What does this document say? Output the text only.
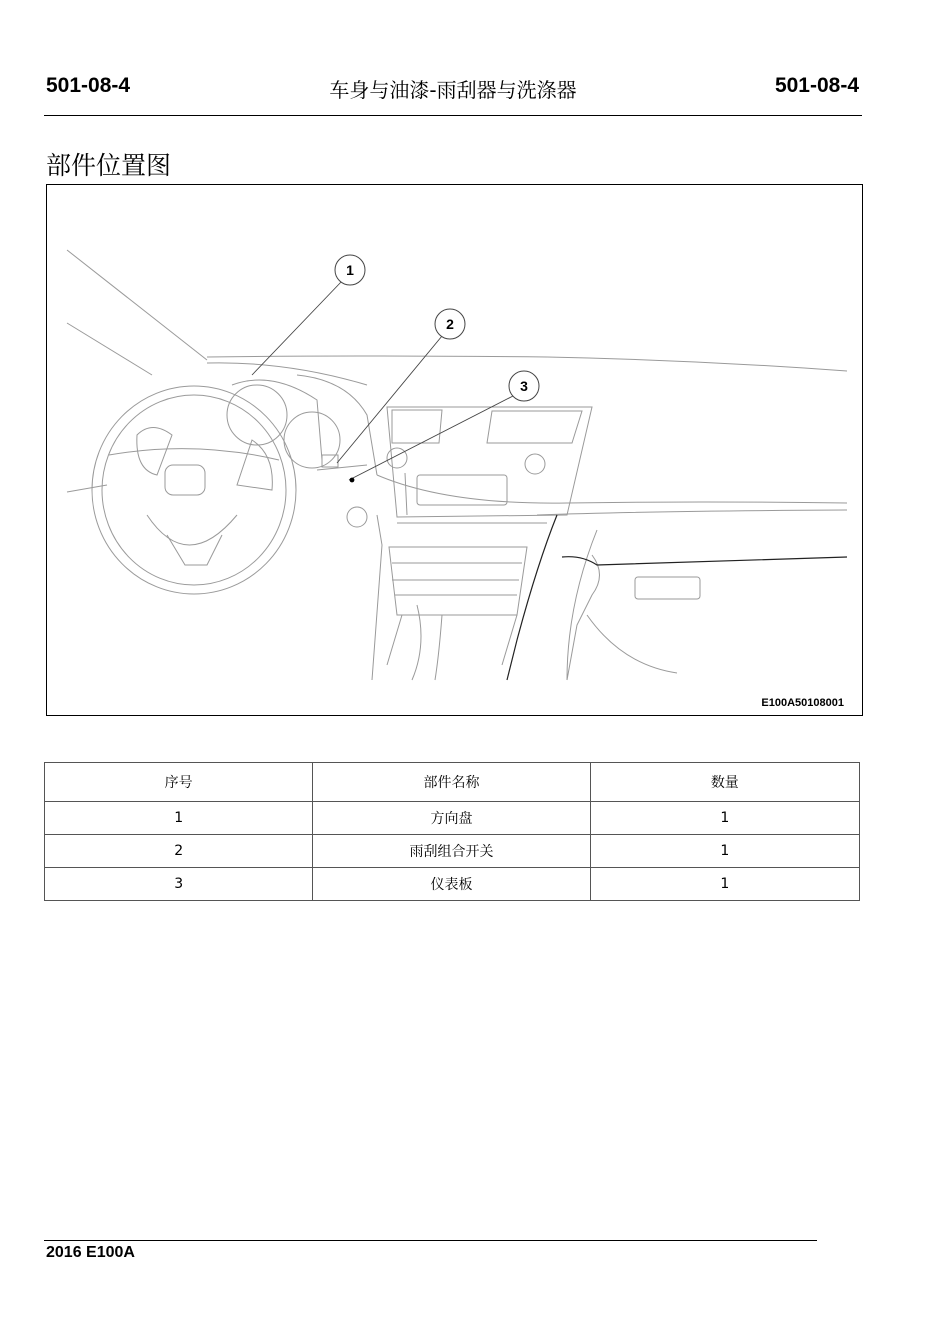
501-08-4	车身与油漆-雨刮器与洗涤器	501-08-4
部件位置图
1
2
3
E100A50108001
序号	部件名称	数量
1	方向盘	1
2	雨刮组合开关	1
3	仪表板	1
2016 E100A
